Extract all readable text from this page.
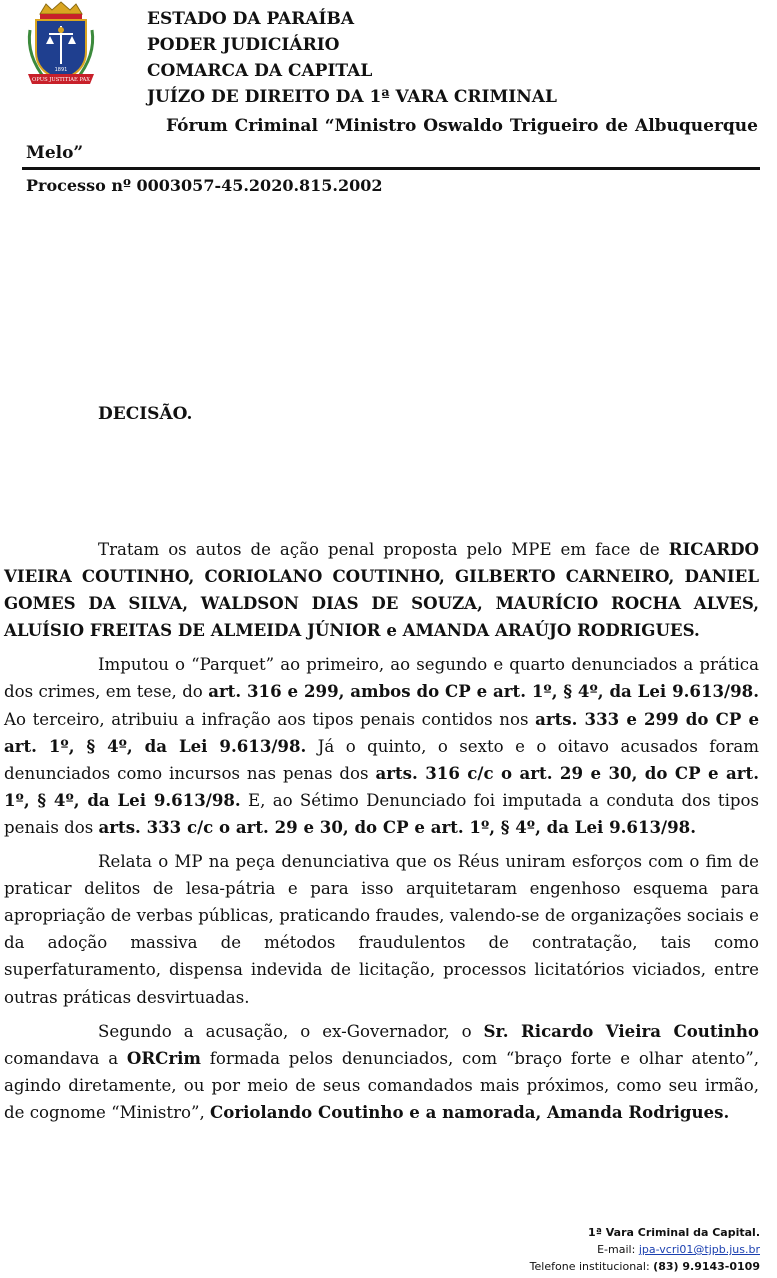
1891
OPUS JUSTITIAE PAX
ESTADO DA PARAÍBA
PODER JUDICIÁRIO
COMARCA DA CAPITAL
JUÍZO DE DIREITO DA 1ª VARA CRIMINAL
Fórum Criminal “Ministro Oswaldo Trigueiro de Albuquerque
Melo”
Processo nº 0003057-45.2020.815.2002
DECISÃO.

Tratam os autos de ação penal proposta pelo MPE em face de RICARDO VIEIRA COUTINHO, CORIOLANO COUTINHO, GILBERTO CARNEIRO, DANIEL GOMES DA SILVA, WALDSON DIAS DE SOUZA, MAURÍCIO ROCHA ALVES, ALUÍSIO FREITAS DE ALMEIDA JÚNIOR e AMANDA ARAÚJO RODRIGUES.

Imputou o “Parquet” ao primeiro, ao segundo e quarto denunciados a prática dos crimes, em tese, do art. 316 e 299, ambos do CP e art. 1º, § 4º, da Lei 9.613/98. Ao terceiro, atribuiu a infração aos tipos penais contidos nos arts. 333 e 299 do CP e art. 1º, § 4º, da Lei 9.613/98. Já o quinto, o sexto e o oitavo acusados foram denunciados como incursos nas penas dos arts. 316 c/c o art. 29 e 30, do CP e art. 1º, § 4º, da Lei 9.613/98. E, ao Sétimo Denunciado foi imputada a conduta dos tipos penais dos arts. 333 c/c o art. 29 e 30, do CP e art. 1º, § 4º, da Lei 9.613/98.

Relata o MP na peça denunciativa que os Réus uniram esforços com o fim de praticar delitos de lesa-pátria e para isso arquitetaram engenhoso esquema para apropriação de verbas públicas, praticando fraudes, valendo-se de organizações sociais e da adoção massiva de métodos fraudulentos de contratação, tais como superfaturamento, dispensa indevida de licitação, processos licitatórios viciados, entre outras práticas desvirtuadas.

Segundo a acusação, o ex-Governador, o Sr. Ricardo Vieira Coutinho comandava a ORCrim formada pelos denunciados, com “braço forte e olhar atento”, agindo diretamente, ou por meio de seus comandados mais próximos, como seu irmão, de cognome “Ministro”, Coriolando Coutinho e a namorada, Amanda Rodrigues.

1ª Vara Criminal da Capital.
E-mail: jpa-vcri01@tjpb.jus.br
Telefone institucional: (83) 9.9143-0109
